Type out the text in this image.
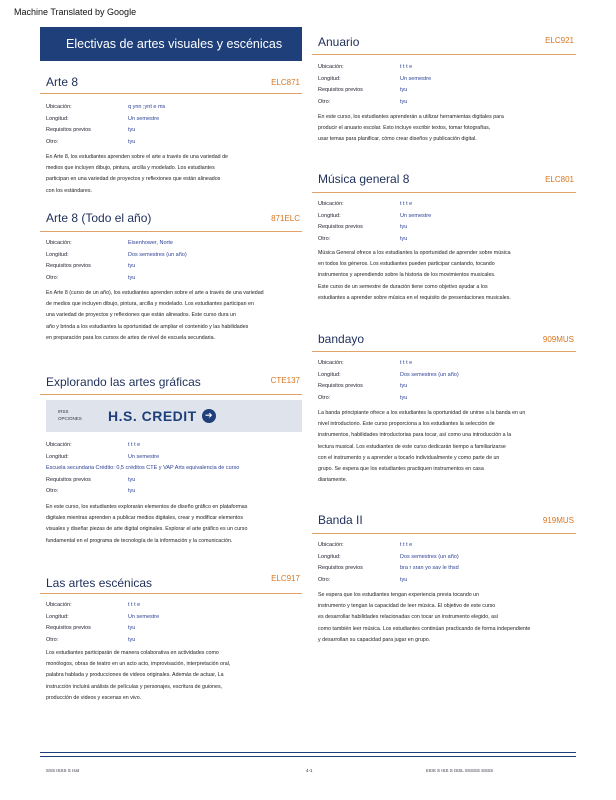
Machine Translated by Google
Electivas de artes visuales y escénicas
Arte 8	ELC871
Ubicación:	q ynn ;ynt e ms
Longitud:	Un semestre
Requisitos previos	tyu
Otro:	tyu
En Arte 8, los estudiantes aprenden sobre el arte a través de una variedad de
medios que incluyen dibujo, pintura, arcilla y modelado. Los estudiantes
participan en una variedad de proyectos y reflexiones que están alineados
con los estándares.
Arte 8 (Todo el año)	871ELC
Ubicación:	Eisenhower, Norte
Longitud:	Dos semestres (un año)
Requisitos previos	tyu
Otro:	tyu
En Arte 8 (curso de un año), los estudiantes aprenden sobre el arte a través de una variedad
de medios que incluyen dibujo, pintura, arcilla y modelado. Los estudiantes participan en
una variedad de proyectos y reflexiones que están alineados. Este curso dura un
año y brinda a los estudiantes la oportunidad de ampliar el contenido y las habilidades
en preparación para los cursos de artes de nivel de escuela secundaria.
Explorando las artes gráficas	CTE137
IRSS
OPCIONES H.S. CREDIT ➔
Ubicación:	t t t e
Longitud:	Un semestre
Escuela secundaria Crédito: 0,5 créditos CTE y VAP Arts equivalencia de curso
Requisitos previos	tyu
Otro:	tyu
En este curso, los estudiantes explorarán elementos de diseño gráfico en plataformas
digitales mientras aprenden a publicar medios digitales, crear y modificar elementos
visuales y diseñar piezas de arte digital originales. Explorar el arte gráfico es un curso
fundamental en el programa de tecnología de la información y la comunicación.
Las artes escénicas	ELC917
Ubicación:	t t t e
Longitud:	Un semestre
Requisitos previos	tyu
Otro:	tyu
Los estudiantes participarán de manera colaborativa en actividades como
monólogos, obras de teatro en un acto acto, improvisación, interpretación oral,
palabra hablada y producciones de videos originales. Además de actuar, La
instrucción incluirá análisis de películas y personajes, escritura de guiones,
producción de videos y escenas en vivo.
Anuario	ELC921
Ubicación:	t t t e
Longitud:	Un semestre
Requisitos previos	tyu
Otro:	tyu
En este curso, los estudiantes aprenderán a utilizar herramientas digitales para
producir el anuario escolar. Esto incluye escribir textos, tomar fotografías,
usar temas para planificar, cómo crear diseños y publicación digital.
Música general 8	ELC801
Ubicación:	t t t e
Longitud:	Un semestre
Requisitos previos	tyu
Otro:	tyu
Música General ofrece a los estudiantes la oportunidad de aprender sobre música
en todos los géneros. Los estudiantes pueden participar cantando, tocando
instrumentos y aprendiendo sobre la historia de los movimientos musicales.
Este curso de un semestre de duración tiene como objetivo ayudar a los
estudiantes a aprender sobre música en el requisito de presentaciones musicales.
bandayo	909MUS
Ubicación:	t t t e
Longitud:	Dos semestres (un año)
Requisitos previos	tyu
Otro:	tyu
La banda principiante ofrece a los estudiantes la oportunidad de unirse a la banda en un
nivel introductorio. Este curso proporciona a los estudiantes la selección de
instrumentos, habilidades introductorias para tocar, así como una introducción a la
lectura musical. Los estudiantes de este curso dedicarán tiempo a familiarizarse
con el instrumento y a aprender a tocarlo individualmente y como parte de un
grupo. Se espera que los estudiantes practiquen instrumentos en casa
diariamente.
Banda II	919MUS
Ubicación:	t t t e
Longitud:	Dos semestres (un año)
Requisitos previos	bra r sran yo sav le thsd
Otro:	tyu
Se espera que los estudiantes tengan experiencia previa tocando un
instrumento y tengan la capacidad de leer música. El objetivo de este curso
es desarrollar habilidades relacionadas con tocar un instrumento elegido, así
como también leer música. Los estudiantes continúan practicando de forma independiente
y desarrollan su capacidad para jugar en grupo.
SSS ISSS S rsst	4-1	IISIS S ISS S ISSL SSSSS SSSS
